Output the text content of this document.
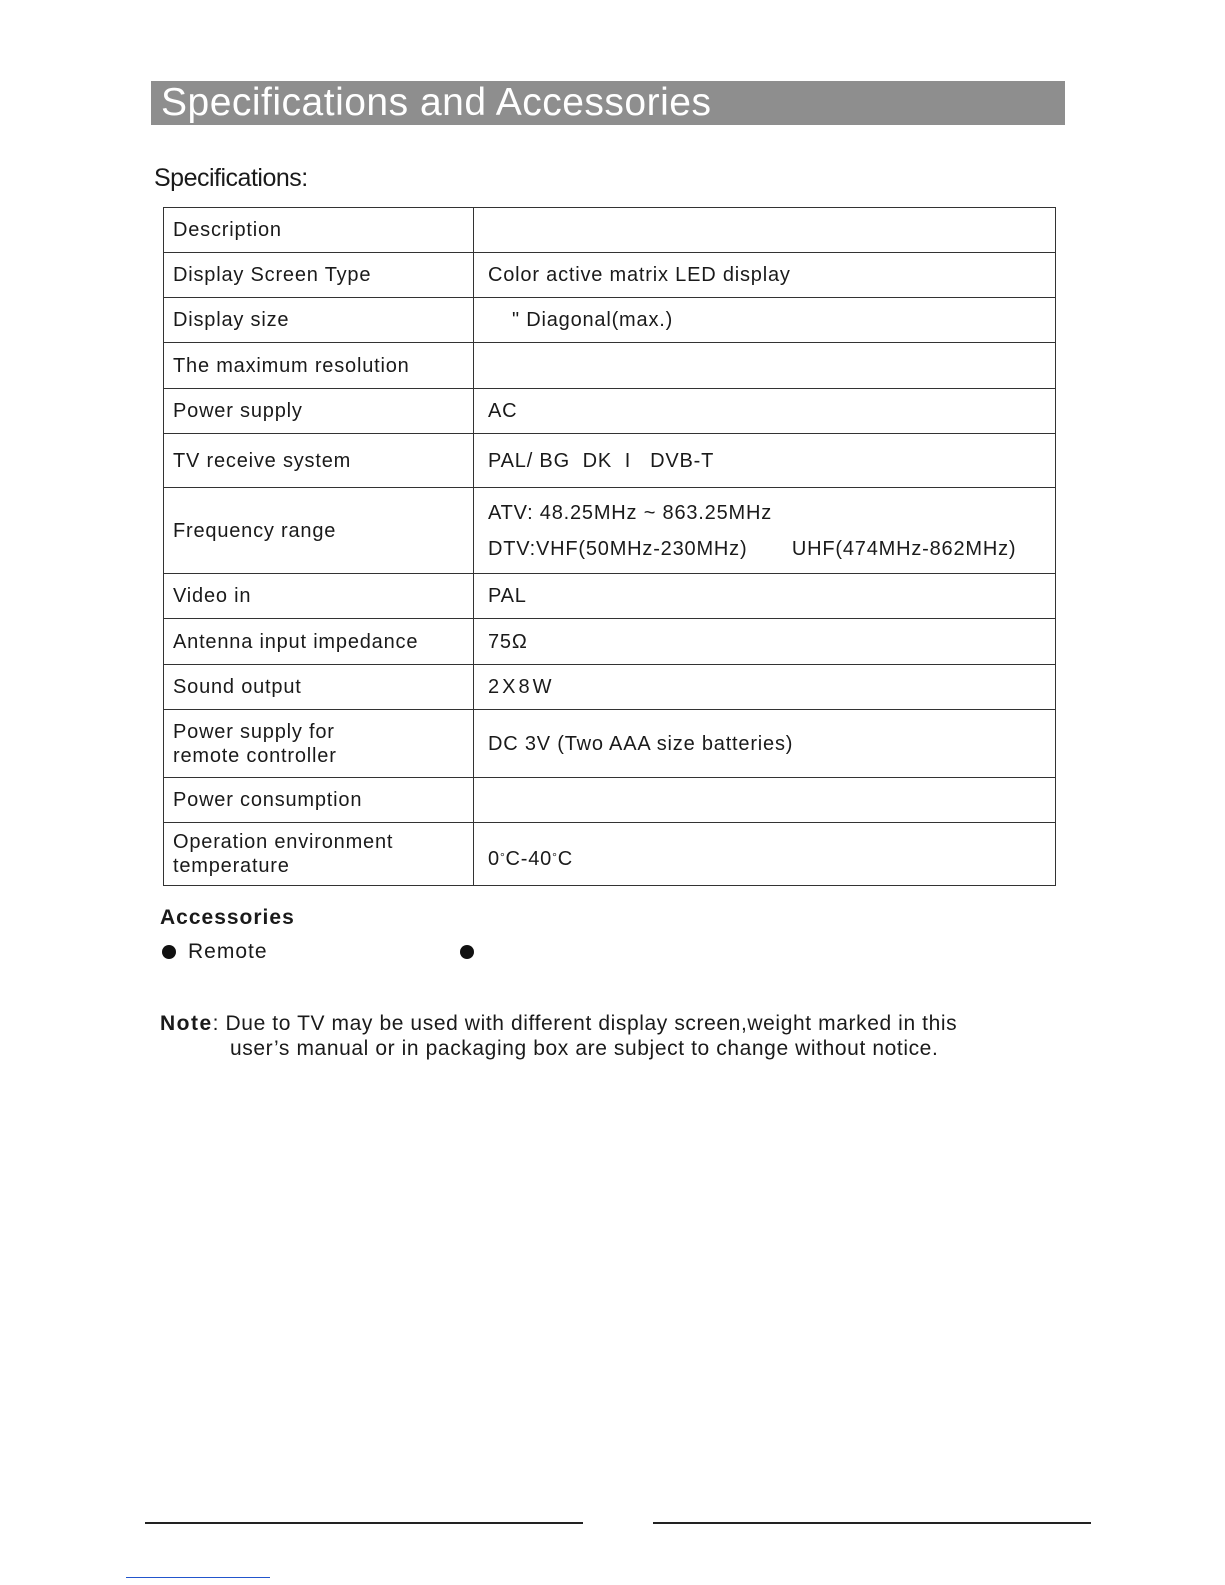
Specifications and Accessories
Specifications:
Description	
Display Screen Type	Color active matrix LED display
Display size	" Diagonal(max.)
The maximum resolution	
Power supply	AC
TV receive system	PAL/ BG  DK  I   DVB-T
Frequency range	ATV: 48.25MHz ~ 863.25MHz
DTV:VHF(50MHz-230MHz)       UHF(474MHz-862MHz)

Video in	PAL
Antenna input impedance	75Ω
Sound output	2X8W

Power supply for
remote controller	DC 3V (Two AAA size batteries)
Power consumption	

Operation environment
temperature	0°C-40°C
Accessories
Remote
Note: Due to TV may be used with different display screen,weight marked in this
user’s manual or in packaging box are subject to change without notice.
